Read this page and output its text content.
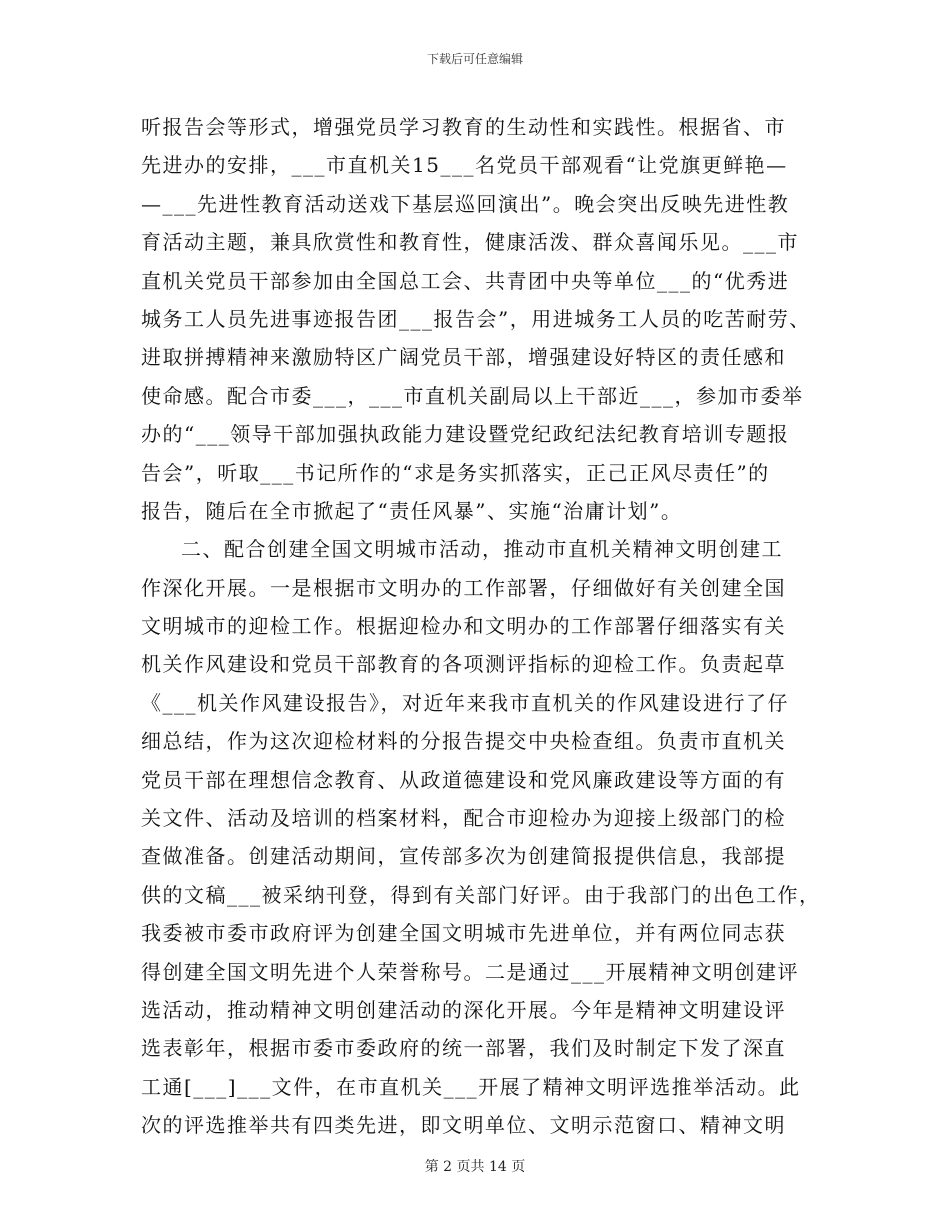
下载后可任意编辑
听报告会等形式，增强党员学习教育的生动性和实践性。根据省、市
先进办的安排，___市直机关15___名党员干部观看“让党旗更鲜艳—
—___先进性教育活动送戏下基层巡回演出”。晚会突出反映先进性教
育活动主题，兼具欣赏性和教育性，健康活泼、群众喜闻乐见。___市
直机关党员干部参加由全国总工会、共青团中央等单位___的“优秀进
城务工人员先进事迹报告团___报告会”，用进城务工人员的吃苦耐劳、
进取拼搏精神来激励特区广阔党员干部，增强建设好特区的责任感和
使命感。配合市委___，___市直机关副局以上干部近___，参加市委举
办的“___领导干部加强执政能力建设暨党纪政纪法纪教育培训专题报
告会”，听取___书记所作的“求是务实抓落实，正己正风尽责任”的
报告，随后在全市掀起了“责任风暴”、实施“治庸计划”。
二、配合创建全国文明城市活动，推动市直机关精神文明创建工
作深化开展。一是根据市文明办的工作部署，仔细做好有关创建全国
文明城市的迎检工作。根据迎检办和文明办的工作部署仔细落实有关
机关作风建设和党员干部教育的各项测评指标的迎检工作。负责起草
《___机关作风建设报告》，对近年来我市直机关的作风建设进行了仔
细总结，作为这次迎检材料的分报告提交中央检查组。负责市直机关
党员干部在理想信念教育、从政道德建设和党风廉政建设等方面的有
关文件、活动及培训的档案材料，配合市迎检办为迎接上级部门的检
查做准备。创建活动期间，宣传部多次为创建简报提供信息，我部提
供的文稿___被采纳刊登，得到有关部门好评。由于我部门的出色工作，
我委被市委市政府评为创建全国文明城市先进单位，并有两位同志获
得创建全国文明先进个人荣誉称号。二是通过___开展精神文明创建评
选活动，推动精神文明创建活动的深化开展。今年是精神文明建设评
选表彰年，根据市委市委政府的统一部署，我们及时制定下发了深直
工通[___]___文件，在市直机关___开展了精神文明评选推举活动。此
次的评选推举共有四类先进，即文明单位、文明示范窗口、精神文明
第 2 页共 14 页
